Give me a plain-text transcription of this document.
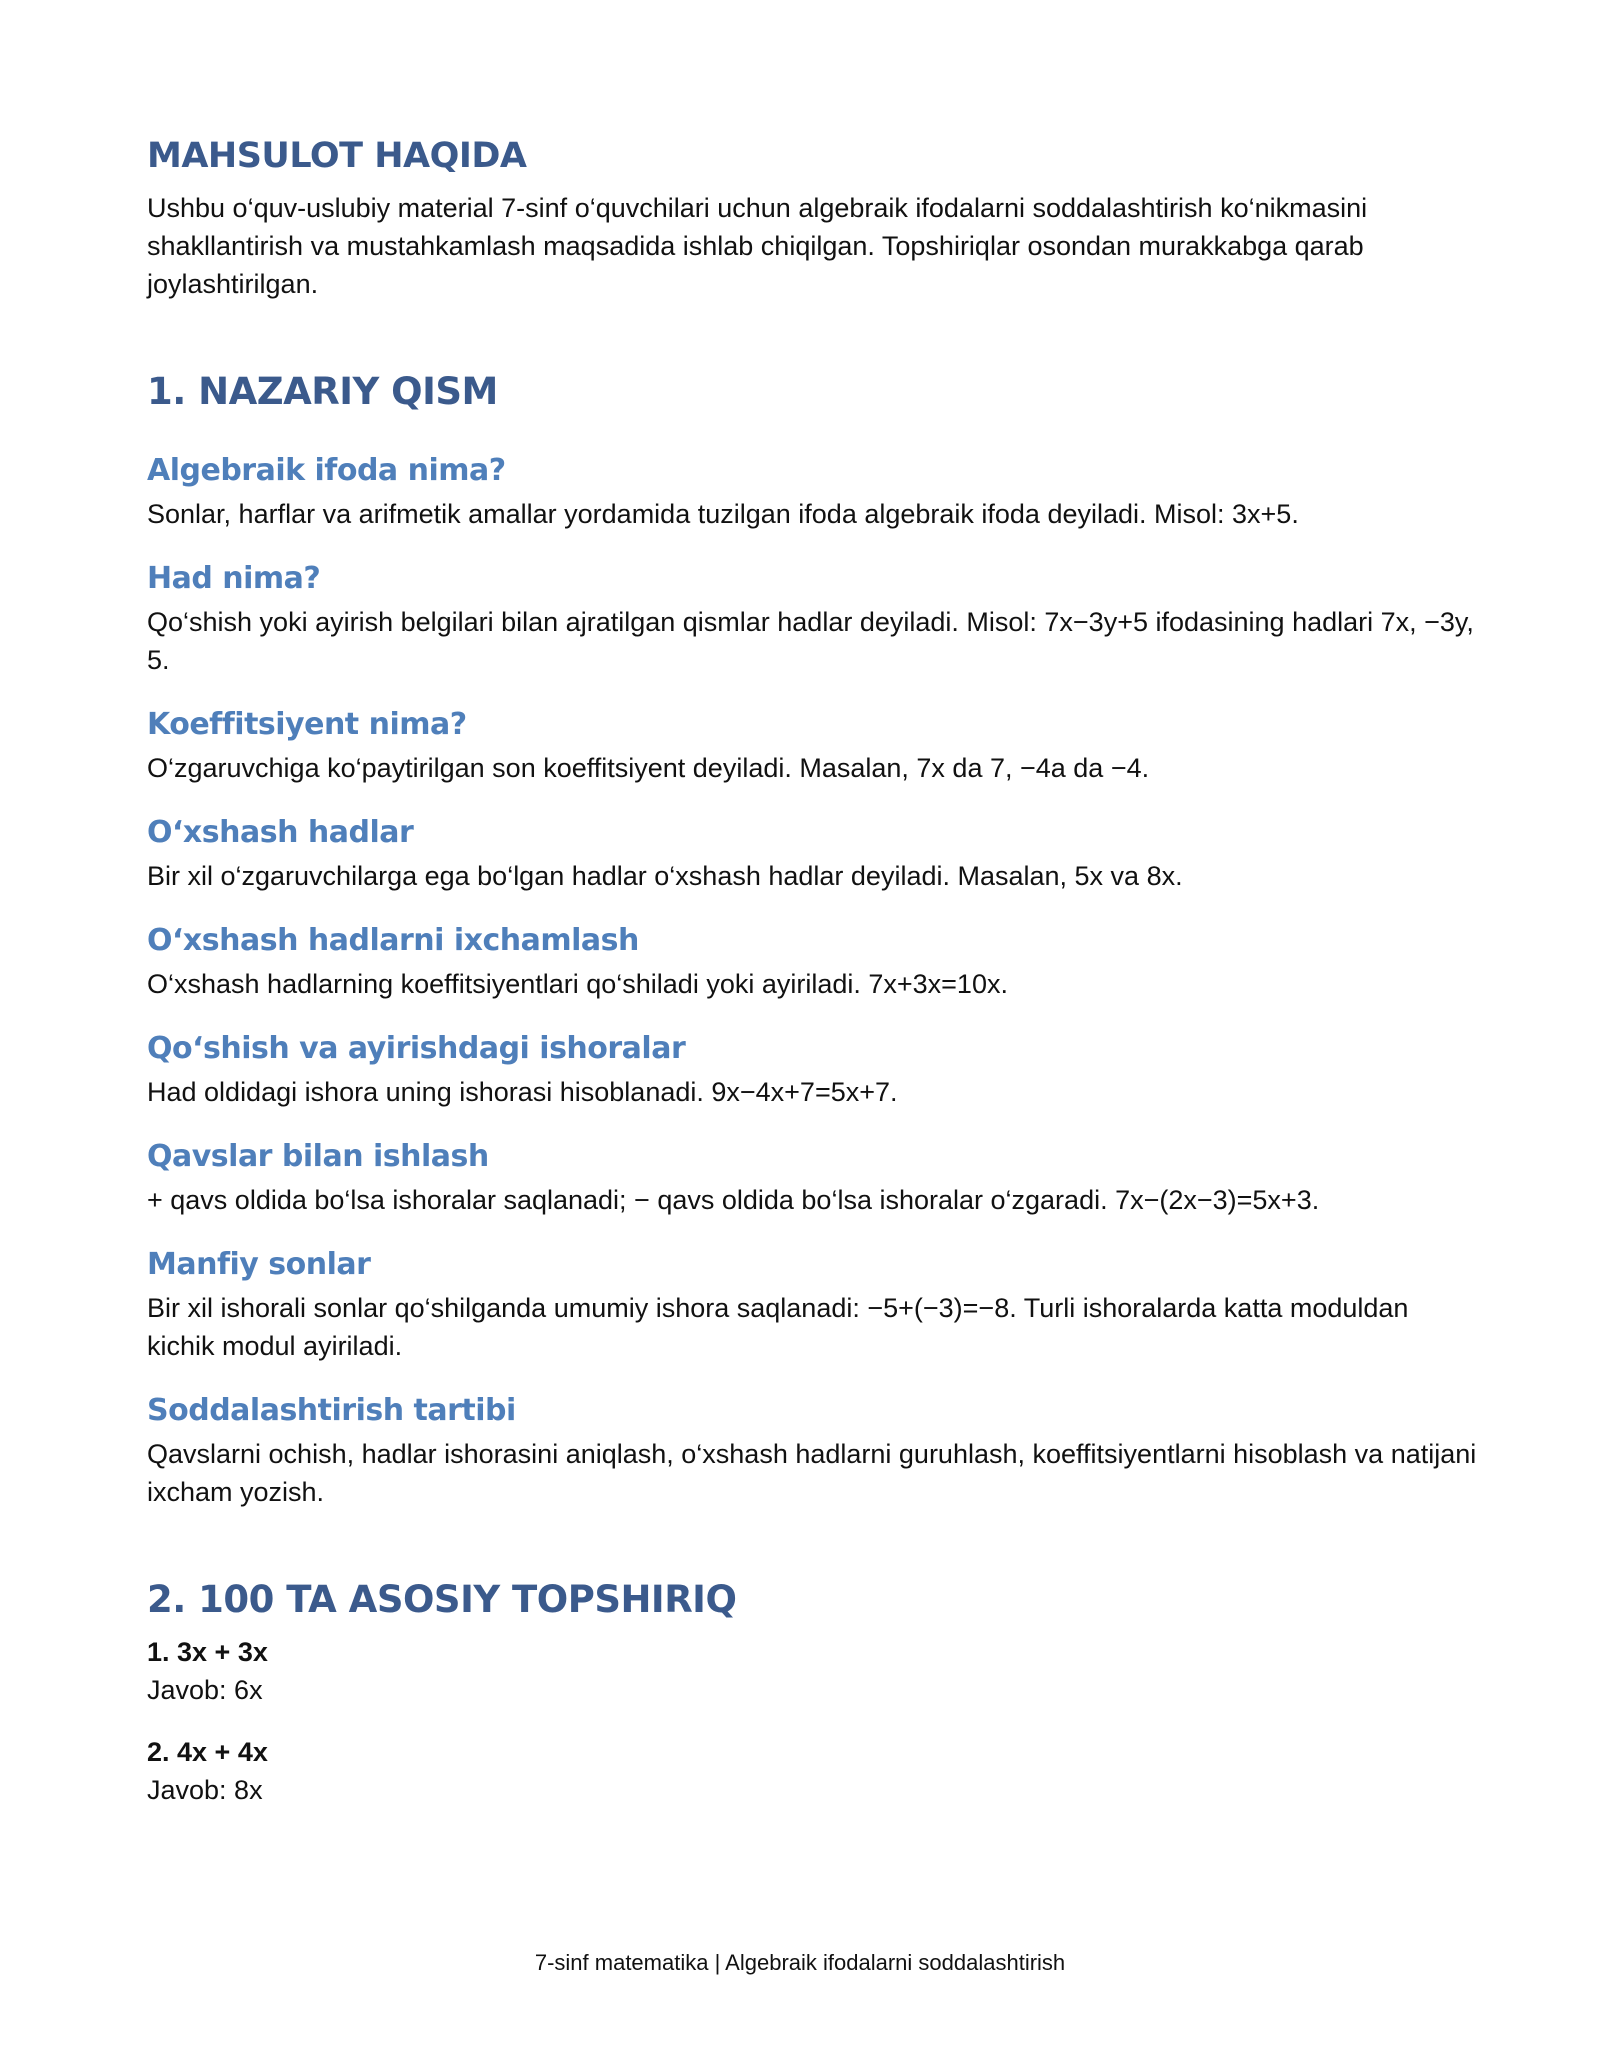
MAHSULOT HAQIDA

Ushbu o‘quv-uslubiy material 7-sinf o‘quvchilari uchun algebraik ifodalarni soddalashtirish ko‘nikmasini shakllantirish va mustahkamlash maqsadida ishlab chiqilgan. Topshiriqlar osondan murakkabga qarab joylashtirilgan.

1. NAZARIY QISM
Algebraik ifoda nima?

Sonlar, harflar va arifmetik amallar yordamida tuzilgan ifoda algebraik ifoda deyiladi. Misol: 3x+5.

Had nima?

Qo‘shish yoki ayirish belgilari bilan ajratilgan qismlar hadlar deyiladi. Misol: 7x−3y+5 ifodasining hadlari 7x, −3y, 5.

Koeffitsiyent nima?

O‘zgaruvchiga ko‘paytirilgan son koeffitsiyent deyiladi. Masalan, 7x da 7, −4a da −4.

O‘xshash hadlar

Bir xil o‘zgaruvchilarga ega bo‘lgan hadlar o‘xshash hadlar deyiladi. Masalan, 5x va 8x.

O‘xshash hadlarni ixchamlash

O‘xshash hadlarning koeffitsiyentlari qo‘shiladi yoki ayiriladi. 7x+3x=10x.

Qo‘shish va ayirishdagi ishoralar

Had oldidagi ishora uning ishorasi hisoblanadi. 9x−4x+7=5x+7.

Qavslar bilan ishlash

+ qavs oldida bo‘lsa ishoralar saqlanadi; − qavs oldida bo‘lsa ishoralar o‘zgaradi. 7x−(2x−3)=5x+3.

Manfiy sonlar

Bir xil ishorali sonlar qo‘shilganda umumiy ishora saqlanadi: −5+(−3)=−8. Turli ishoralarda katta moduldan kichik modul ayiriladi.

Soddalashtirish tartibi

Qavslarni ochish, hadlar ishorasini aniqlash, o‘xshash hadlarni guruhlash, koeffitsiyentlarni hisoblash va natijani ixcham yozish.

2. 100 TA ASOSIY TOPSHIRIQ

1. 3x + 3x

Javob: 6x

2. 4x + 4x

Javob: 8x

7-sinf matematika | Algebraik ifodalarni soddalashtirish
